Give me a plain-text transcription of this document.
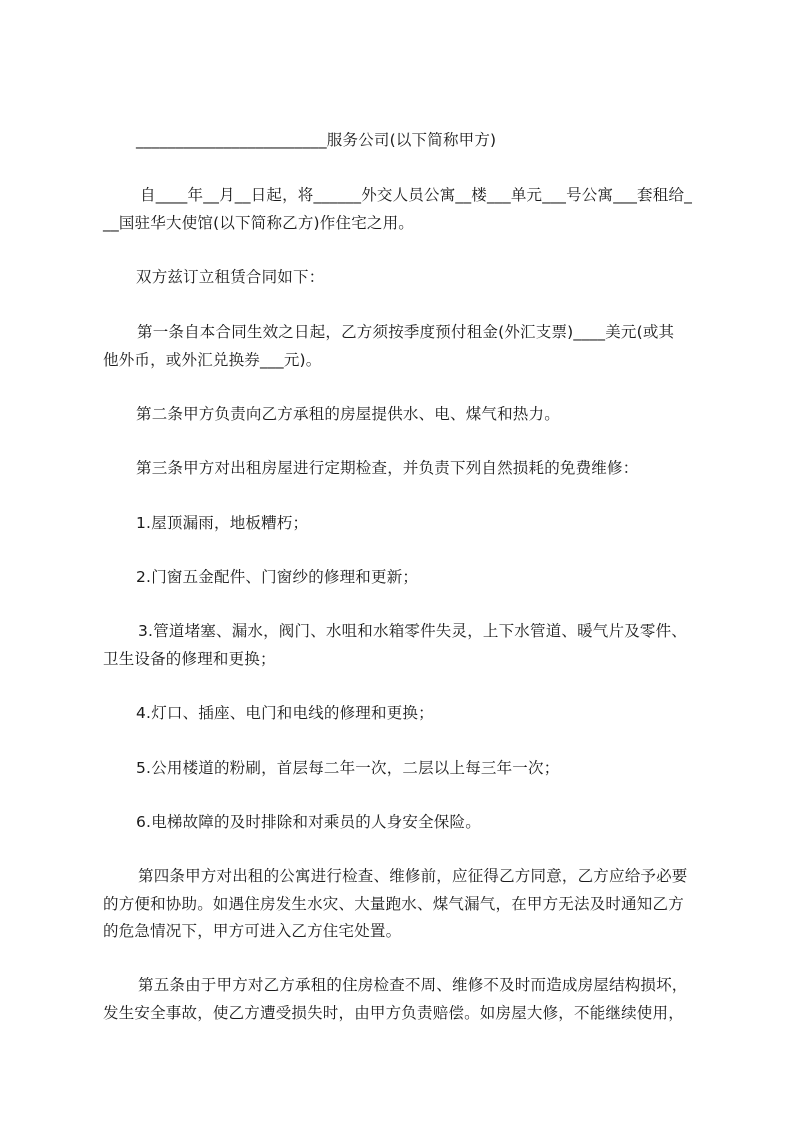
________________________服务公司(以下简称甲方)
自____年__月__日起，将______外交人员公寓__楼___单元___号公寓___套租给_
__国驻华大使馆(以下简称乙方)作住宅之用。
双方兹订立租赁合同如下：
第一条自本合同生效之日起，乙方须按季度预付租金(外汇支票)____美元(或其
他外币，或外汇兑换券___元)。
第二条甲方负责向乙方承租的房屋提供水、电、煤气和热力。
第三条甲方对出租房屋进行定期检查，并负责下列自然损耗的免费维修：
1.屋顶漏雨，地板糟朽；
2.门窗五金配件、门窗纱的修理和更新；
3.管道堵塞、漏水，阀门、水咀和水箱零件失灵，上下水管道、暖气片及零件、
卫生设备的修理和更换；
4.灯口、插座、电门和电线的修理和更换；
5.公用楼道的粉刷，首层每二年一次，二层以上每三年一次；
6.电梯故障的及时排除和对乘员的人身安全保险。
第四条甲方对出租的公寓进行检查、维修前，应征得乙方同意，乙方应给予必要
的方便和协助。如遇住房发生水灾、大量跑水、煤气漏气，在甲方无法及时通知乙方
的危急情况下，甲方可进入乙方住宅处置。
第五条由于甲方对乙方承租的住房检查不周、维修不及时而造成房屋结构损坏，
发生安全事故，使乙方遭受损失时，由甲方负责赔偿。如房屋大修，不能继续使用，
